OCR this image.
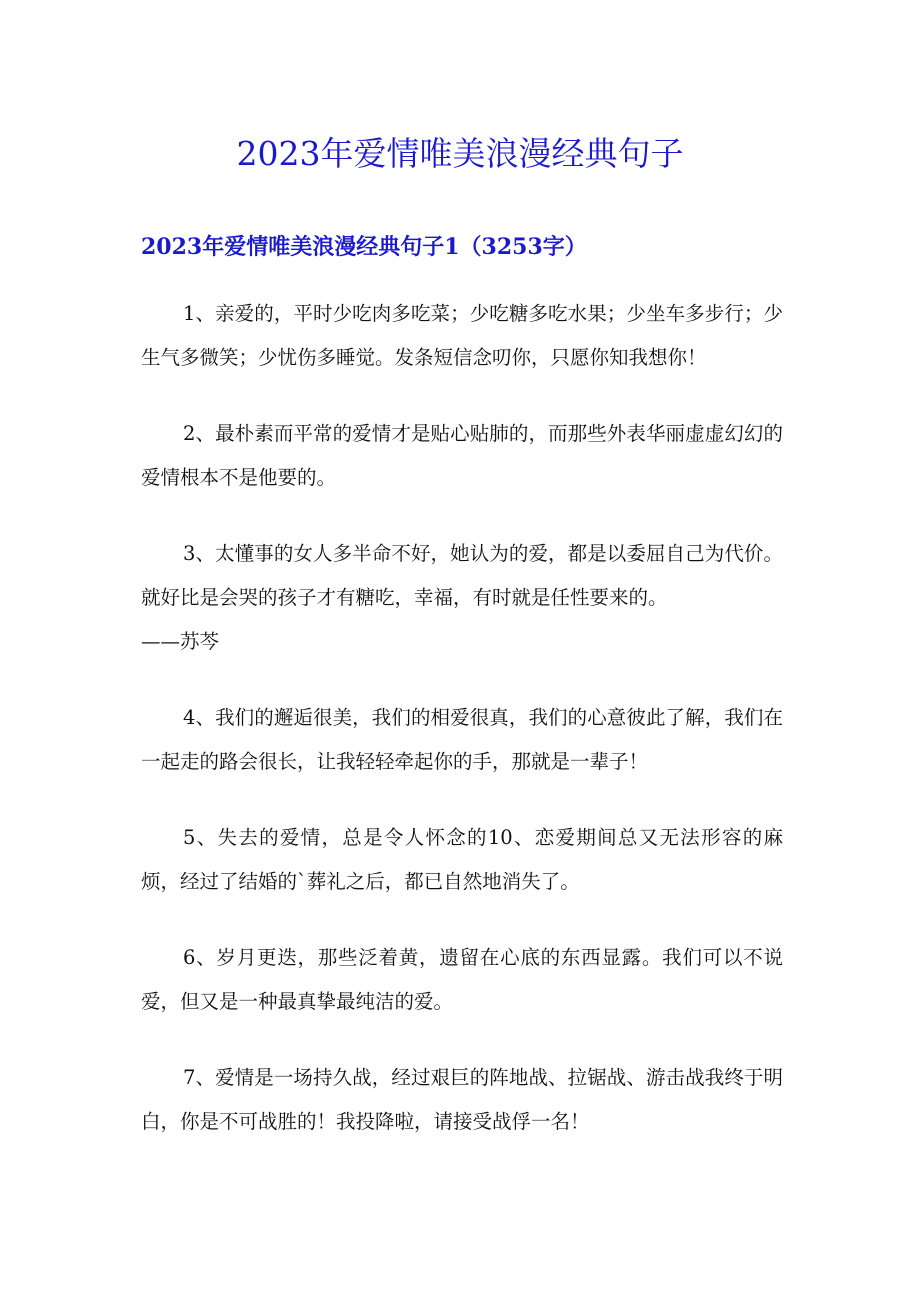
2023年爱情唯美浪漫经典句子
2023年爱情唯美浪漫经典句子1（3253字）

1、亲爱的，平时少吃肉多吃菜；少吃糖多吃水果；少坐车多步行；少生气多微笑；少忧伤多睡觉。发条短信念叨你，只愿你知我想你！

2、最朴素而平常的爱情才是贴心贴肺的，而那些外表华丽虚虚幻幻的爱情根本不是他要的。

3、太懂事的女人多半命不好，她认为的爱，都是以委屈自己为代价。就好比是会哭的孩子才有糖吃，幸福，有时就是任性要来的。
——苏芩

4、我们的邂逅很美，我们的相爱很真，我们的心意彼此了解，我们在一起走的路会很长，让我轻轻牵起你的手，那就是一辈子！

5、失去的爱情，总是令人怀念的10、恋爱期间总又无法形容的麻烦，经过了结婚的`葬礼之后，都已自然地消失了。

6、岁月更迭，那些泛着黄，遗留在心底的东西显露。我们可以不说爱，但又是一种最真挚最纯洁的爱。

7、爱情是一场持久战，经过艰巨的阵地战、拉锯战、游击战我终于明白，你是不可战胜的！我投降啦，请接受战俘一名！
